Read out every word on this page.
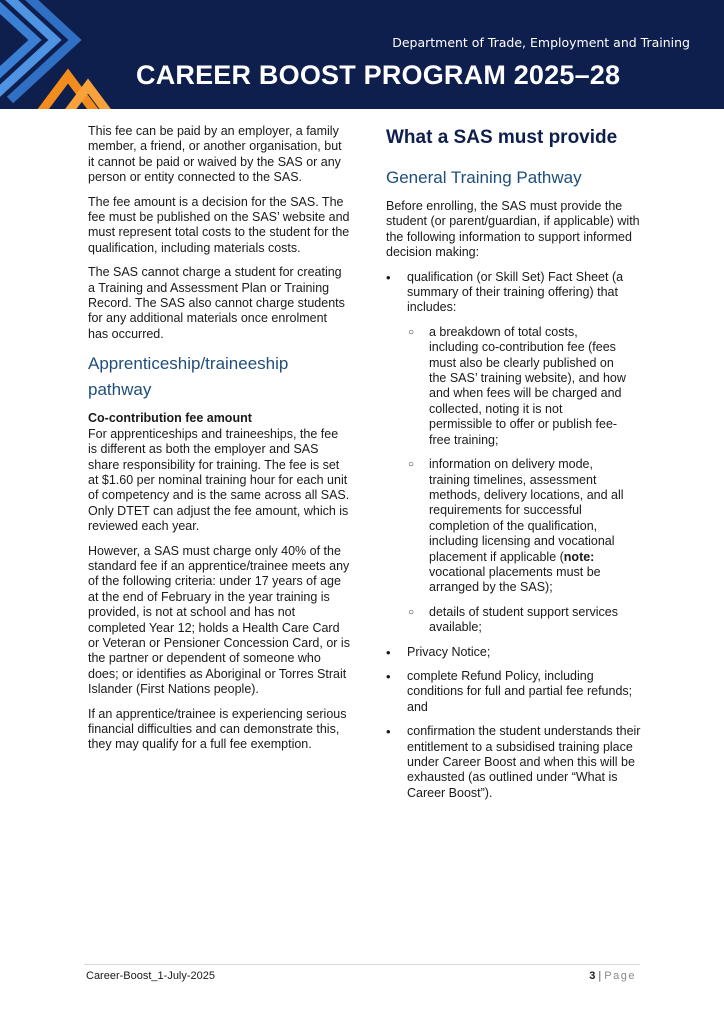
Department of Trade, Employment and Training
CAREER BOOST PROGRAM 2025–28

This fee can be paid by an employer, a family member, a friend, or another organisation, but it cannot be paid or waived by the SAS or any person or entity connected to the SAS.

The fee amount is a decision for the SAS. The fee must be published on the SAS’ website and must represent total costs to the student for the qualification, including materials costs.

The SAS cannot charge a student for creating a Training and Assessment Plan or Training Record. The SAS also cannot charge students for any additional materials once enrolment has occurred.

Apprenticeship/traineeship pathway
Co-contribution fee amount

For apprenticeships and traineeships, the fee is different as both the employer and SAS share responsibility for training. The fee is set at $1.60 per nominal training hour for each unit of competency and is the same across all SAS. Only DTET can adjust the fee amount, which is reviewed each year.

However, a SAS must charge only 40% of the standard fee if an apprentice/trainee meets any of the following criteria: under 17 years of age at the end of February in the year training is provided, is not at school and has not completed Year 12; holds a Health Care Card or Veteran or Pensioner Concession Card, or is the partner or dependent of someone who does; or identifies as Aboriginal or Torres Strait Islander (First Nations people).

If an apprentice/trainee is experiencing serious financial difficulties and can demonstrate this, they may qualify for a full fee exemption.

What a SAS must provide
General Training Pathway

Before enrolling, the SAS must provide the student (or parent/guardian, if applicable) with the following information to support informed decision making:

• qualification (or Skill Set) Fact Sheet (a summary of their training offering) that includes:
○ a breakdown of total costs, including co-contribution fee (fees must also be clearly published on the SAS’ training website), and how and when fees will be charged and collected, noting it is not permissible to offer or publish fee-free training;
○ information on delivery mode, training timelines, assessment methods, delivery locations, and all requirements for successful completion of the qualification, including licensing and vocational placement if applicable (note: vocational placements must be arranged by the SAS);
○ details of student support services available;
• Privacy Notice;
• complete Refund Policy, including conditions for full and partial fee refunds; and
• confirmation the student understands their entitlement to a subsidised training place under Career Boost and when this will be exhausted (as outlined under “What is Career Boost”).
Career-Boost_1-July-2025	3 | Page
